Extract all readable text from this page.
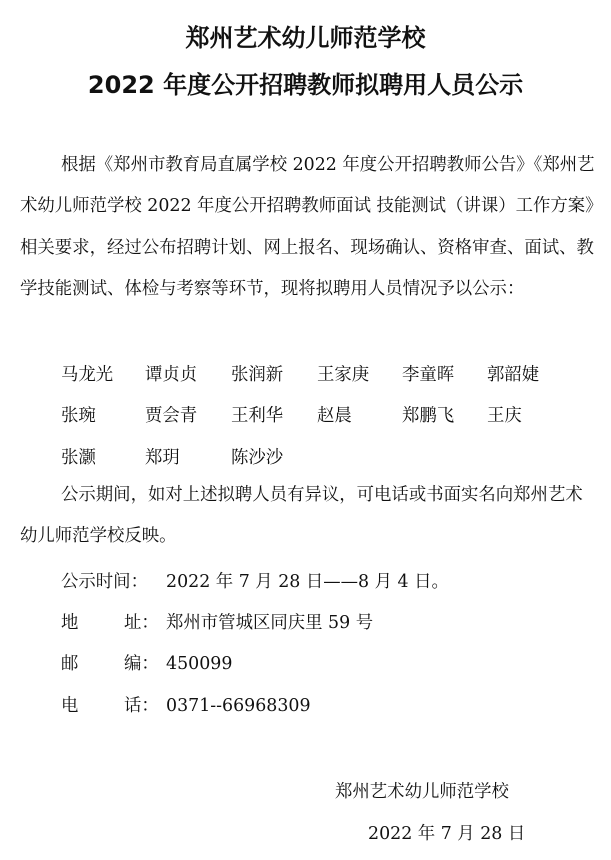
郑州艺术幼儿师范学校
2022 年度公开招聘教师拟聘用人员公示
根据《郑州市教育局直属学校 2022 年度公开招聘教师公告》《郑州艺术幼儿师范学校 2022 年度公开招聘教师面试 技能测试（讲课）工作方案》相关要求，经过公布招聘计划、网上报名、现场确认、资格审查、面试、教学技能测试、体检与考察等环节，现将拟聘用人员情况予以公示：
马龙光 谭贞贞 张润新 王家庚 李童晖 郭韶婕
张琬	贾会青 王利华 赵晨	郑鹏飞 王庆
张灏	郑玥	陈沙沙
公示期间，如对上述拟聘人员有异议，可电话或书面实名向郑州艺术幼儿师范学校反映。
公示时间： 2022 年 7 月 28 日——8 月 4 日。
地	址： 郑州市管城区同庆里 59 号
邮	编： 450099
电	话： 0371--66968309
郑州艺术幼儿师范学校
2022 年 7 月 28 日
